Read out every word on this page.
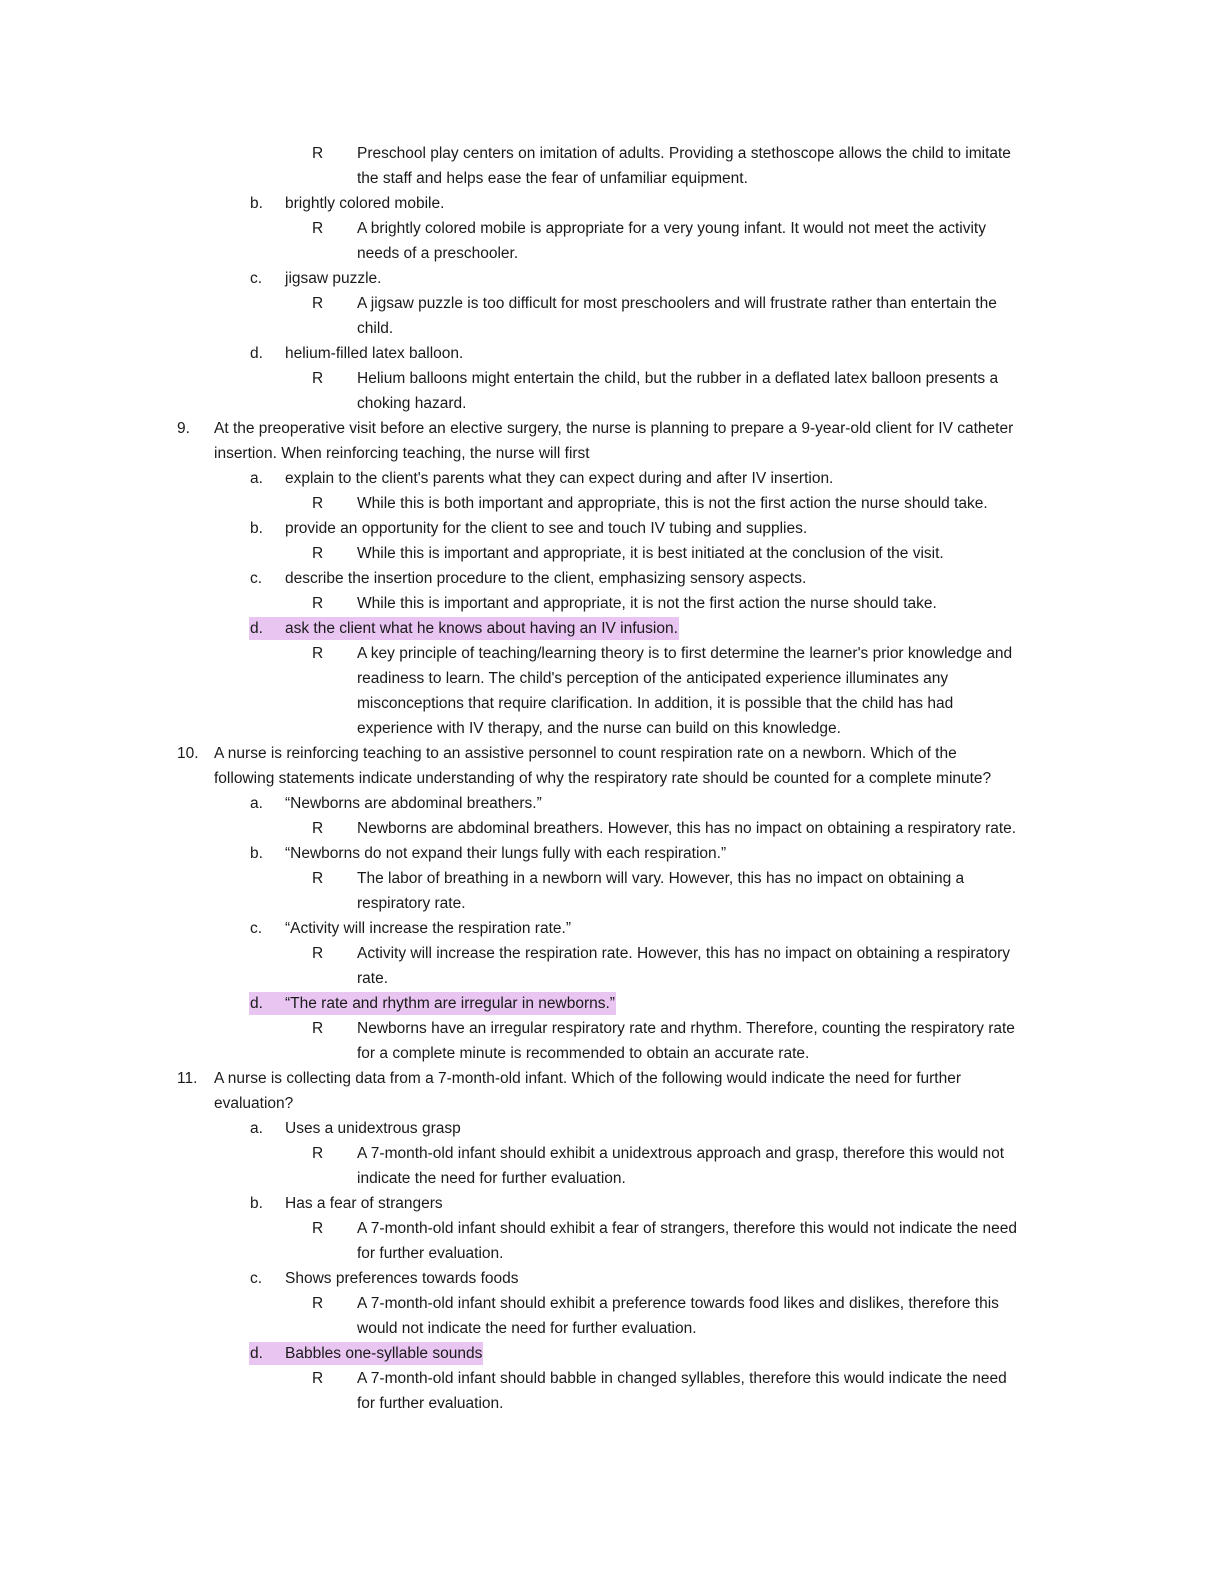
R Preschool play centers on imitation of adults. Providing a stethoscope allows the child to imitate
the staff and helps ease the fear of unfamiliar equipment.
b. brightly colored mobile.
R A brightly colored mobile is appropriate for a very young infant. It would not meet the activity
needs of a preschooler.
c. jigsaw puzzle.
R A jigsaw puzzle is too difficult for most preschoolers and will frustrate rather than entertain the
child.
d. helium-filled latex balloon.
R Helium balloons might entertain the child, but the rubber in a deflated latex balloon presents a
choking hazard.
9. At the preoperative visit before an elective surgery, the nurse is planning to prepare a 9-year-old client for IV catheter
insertion. When reinforcing teaching, the nurse will first
a. explain to the client's parents what they can expect during and after IV insertion.
R While this is both important and appropriate, this is not the first action the nurse should take.
b. provide an opportunity for the client to see and touch IV tubing and supplies.
R While this is important and appropriate, it is best initiated at the conclusion of the visit.
c. describe the insertion procedure to the client, emphasizing sensory aspects.
R While this is important and appropriate, it is not the first action the nurse should take.
d. ask the client what he knows about having an IV infusion.
R A key principle of teaching/learning theory is to first determine the learner's prior knowledge and
readiness to learn. The child's perception of the anticipated experience illuminates any
misconceptions that require clarification. In addition, it is possible that the child has had
experience with IV therapy, and the nurse can build on this knowledge.
10. A nurse is reinforcing teaching to an assistive personnel to count respiration rate on a newborn. Which of the
following statements indicate understanding of why the respiratory rate should be counted for a complete minute?
a. “Newborns are abdominal breathers.”
R Newborns are abdominal breathers. However, this has no impact on obtaining a respiratory rate.
b. “Newborns do not expand their lungs fully with each respiration.”
R The labor of breathing in a newborn will vary. However, this has no impact on obtaining a
respiratory rate.
c. “Activity will increase the respiration rate.”
R Activity will increase the respiration rate. However, this has no impact on obtaining a respiratory
rate.
d. “The rate and rhythm are irregular in newborns.”
R Newborns have an irregular respiratory rate and rhythm. Therefore, counting the respiratory rate
for a complete minute is recommended to obtain an accurate rate.
11. A nurse is collecting data from a 7-month-old infant. Which of the following would indicate the need for further
evaluation?
a. Uses a unidextrous grasp
R A 7-month-old infant should exhibit a unidextrous approach and grasp, therefore this would not
indicate the need for further evaluation.
b. Has a fear of strangers
R A 7-month-old infant should exhibit a fear of strangers, therefore this would not indicate the need
for further evaluation.
c. Shows preferences towards foods
R A 7-month-old infant should exhibit a preference towards food likes and dislikes, therefore this
would not indicate the need for further evaluation.
d. Babbles one-syllable sounds
R A 7-month-old infant should babble in changed syllables, therefore this would indicate the need
for further evaluation.
